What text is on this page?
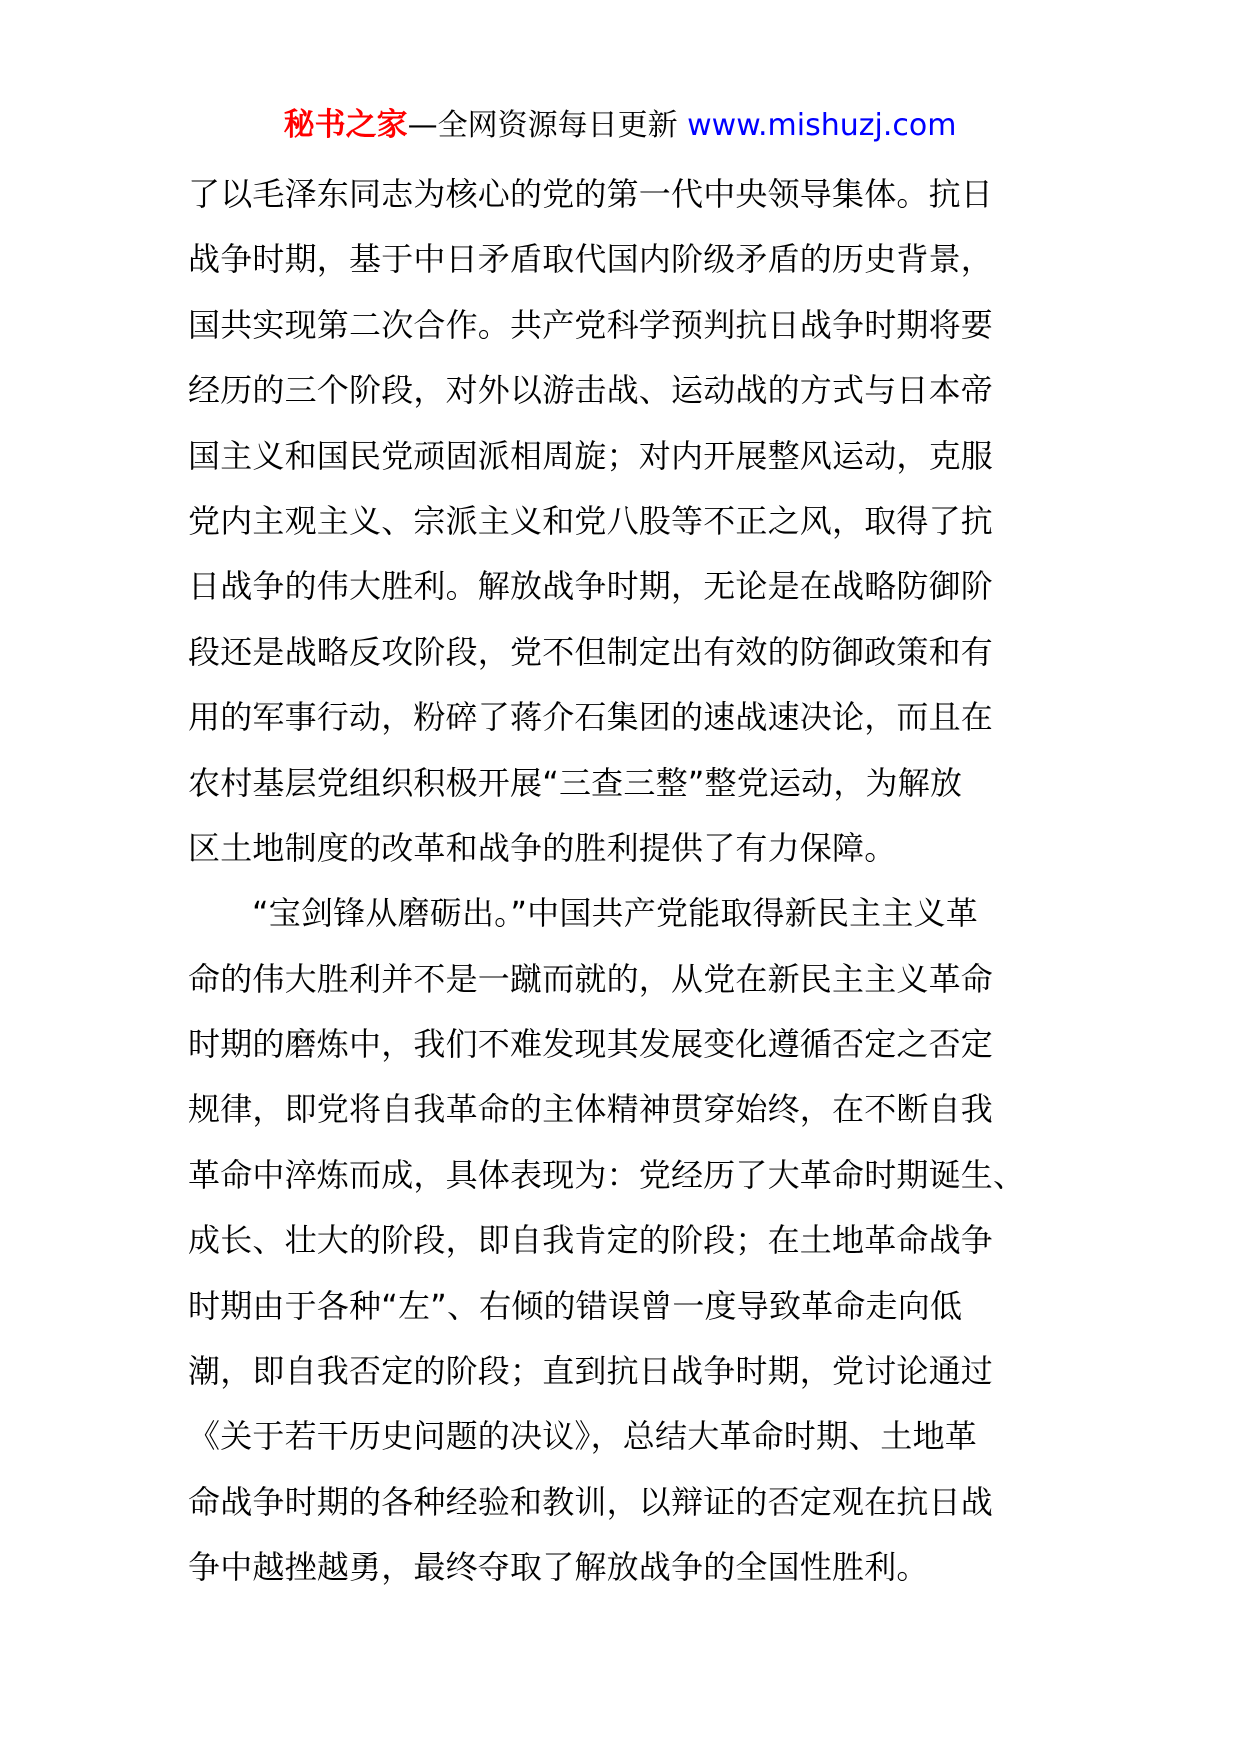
秘书之家—全网资源每日更新 www.mishuzj.com
了以毛泽东同志为核心的党的第一代中央领导集体。抗日
战争时期，基于中日矛盾取代国内阶级矛盾的历史背景，
国共实现第二次合作。共产党科学预判抗日战争时期将要
经历的三个阶段，对外以游击战、运动战的方式与日本帝
国主义和国民党顽固派相周旋；对内开展整风运动，克服
党内主观主义、宗派主义和党八股等不正之风，取得了抗
日战争的伟大胜利。解放战争时期，无论是在战略防御阶
段还是战略反攻阶段，党不但制定出有效的防御政策和有
用的军事行动，粉碎了蒋介石集团的速战速决论，而且在
农村基层党组织积极开展“三查三整”整党运动，为解放
区土地制度的改革和战争的胜利提供了有力保障。
“宝剑锋从磨砺出。”中国共产党能取得新民主主义革
命的伟大胜利并不是一蹴而就的，从党在新民主主义革命
时期的磨炼中，我们不难发现其发展变化遵循否定之否定
规律，即党将自我革命的主体精神贯穿始终，在不断自我
革命中淬炼而成，具体表现为：党经历了大革命时期诞生、
成长、壮大的阶段，即自我肯定的阶段；在土地革命战争
时期由于各种“左”、右倾的错误曾一度导致革命走向低
潮，即自我否定的阶段；直到抗日战争时期，党讨论通过
《关于若干历史问题的决议》，总结大革命时期、土地革
命战争时期的各种经验和教训，以辩证的否定观在抗日战
争中越挫越勇，最终夺取了解放战争的全国性胜利。
